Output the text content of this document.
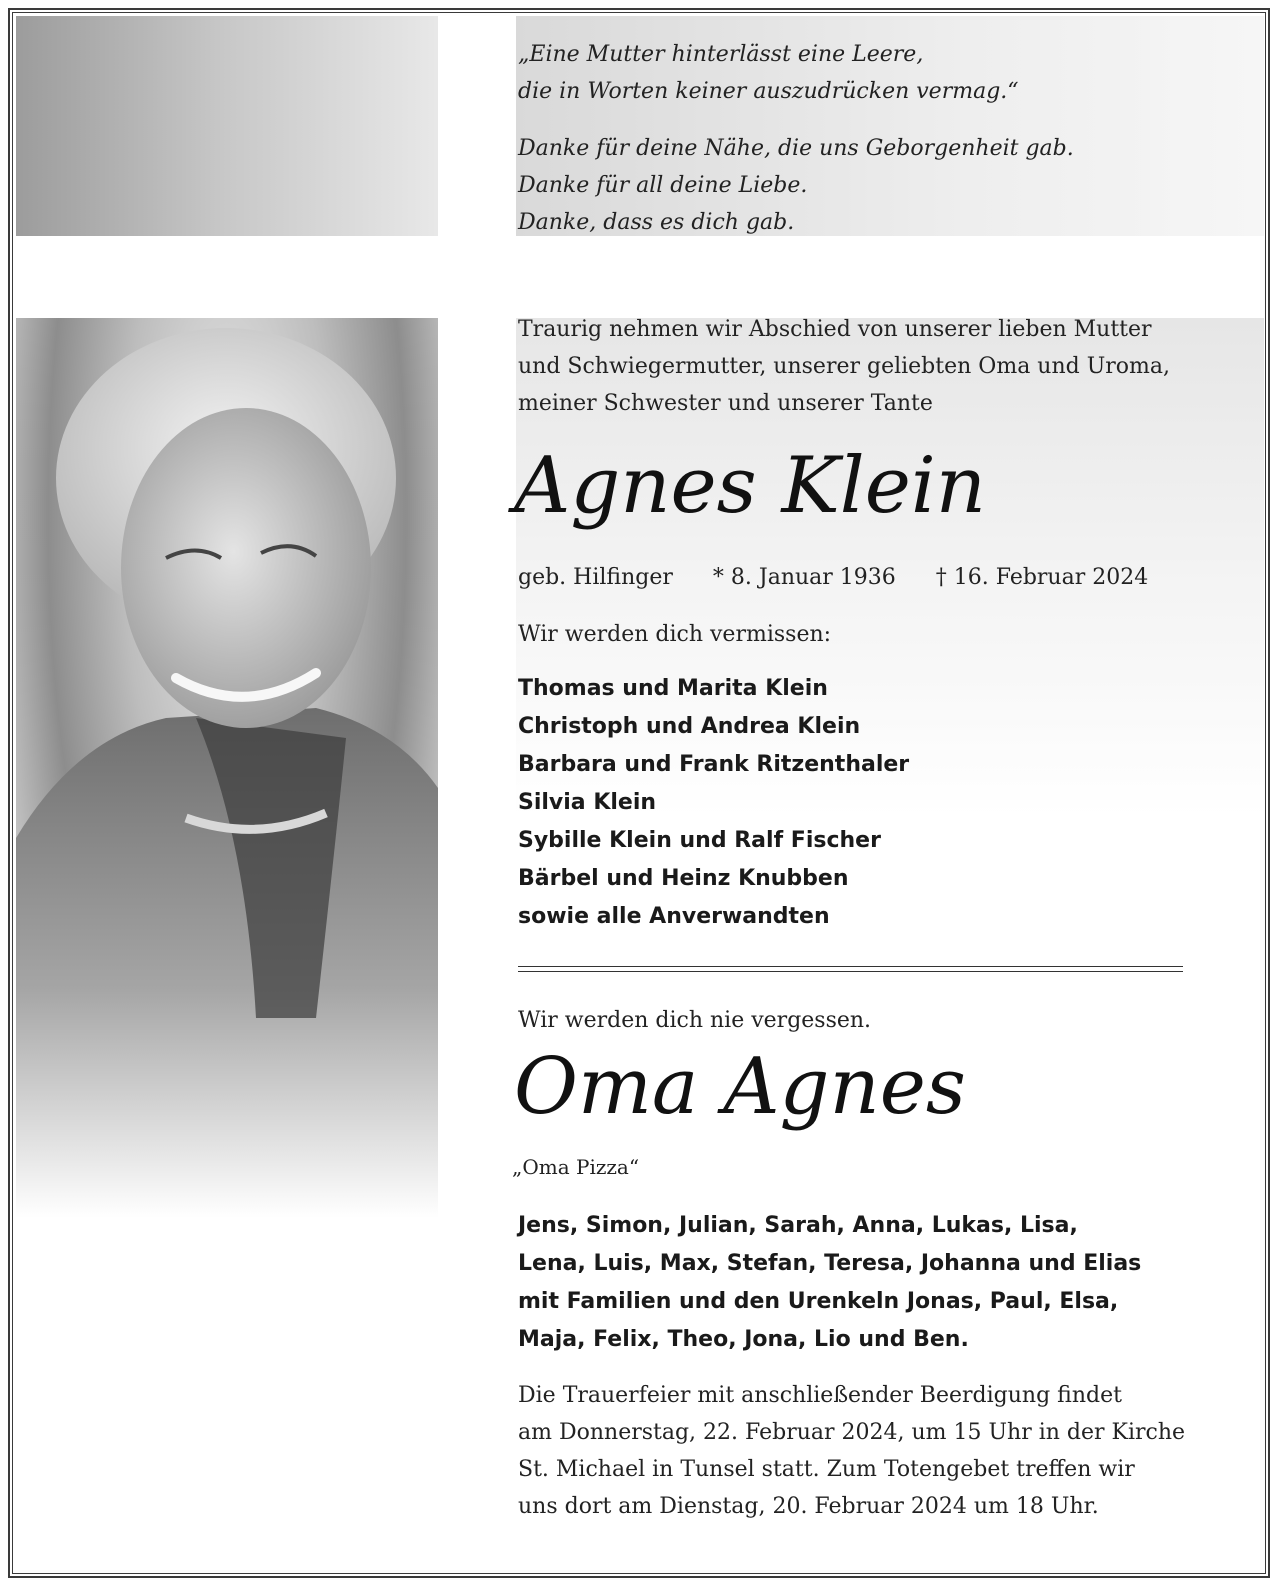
„Eine Mutter hinterlässt eine Leere,
die in Worten keiner auszudrücken vermag.“
Danke für deine Nähe, die uns Geborgenheit gab.
Danke für all deine Liebe.
Danke, dass es dich gab.
Traurig nehmen wir Abschied von unserer lieben Mutter
und Schwiegermutter, unserer geliebten Oma und Uroma,
meiner Schwester und unserer Tante
Agnes Klein
geb. Hilfinger * 8. Januar 1936 † 16. Februar 2024
Wir werden dich vermissen:
Thomas und Marita Klein
Christoph und Andrea Klein
Barbara und Frank Ritzenthaler
Silvia Klein
Sybille Klein und Ralf Fischer
Bärbel und Heinz Knubben
sowie alle Anverwandten
Wir werden dich nie vergessen.
Oma Agnes
„Oma Pizza“
Jens, Simon, Julian, Sarah, Anna, Lukas, Lisa,
Lena, Luis, Max, Stefan, Teresa, Johanna und Elias
mit Familien und den Urenkeln Jonas, Paul, Elsa,
Maja, Felix, Theo, Jona, Lio und Ben.
Die Trauerfeier mit anschließender Beerdigung findet
am Donnerstag, 22. Februar 2024, um 15 Uhr in der Kirche
St. Michael in Tunsel statt. Zum Totengebet treffen wir
uns dort am Dienstag, 20. Februar 2024 um 18 Uhr.
